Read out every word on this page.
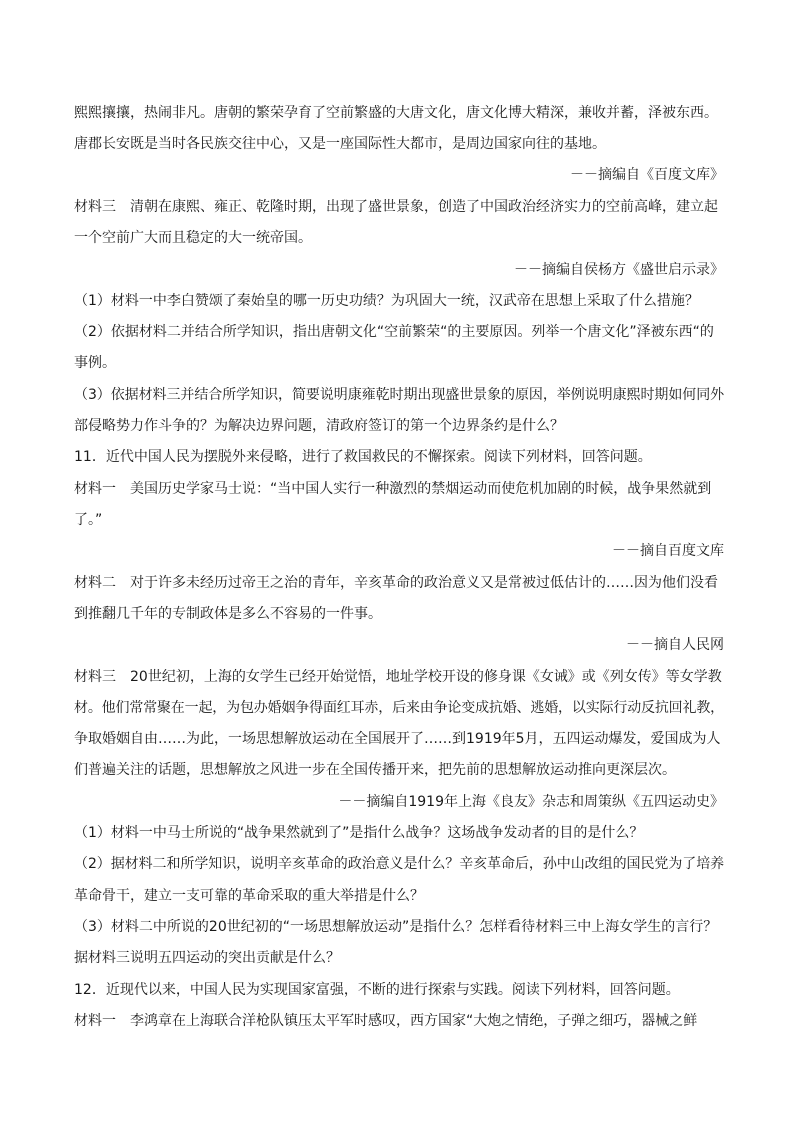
熙熙攘攘，热闹非凡。唐朝的繁荣孕育了空前繁盛的大唐文化，唐文化博大精深，兼收并蓄，泽被东西。
唐郡长安既是当时各民族交往中心，又是一座国际性大都市，是周边国家向往的基地。
－－摘编自《百度文库》
材料三　清朝在康熙、雍正、乾隆时期，出现了盛世景象，创造了中国政治经济实力的空前高峰，建立起
一个空前广大而且稳定的大一统帝国。
－－摘编自侯杨方《盛世启示录》
（1）材料一中李白赞颂了秦始皇的哪一历史功绩？为巩固大一统，汉武帝在思想上采取了什么措施？
（2）依据材料二并结合所学知识，指出唐朝文化“空前繁荣“的主要原因。列举一个唐文化”泽被东西“的
事例。
（3）依据材料三并结合所学知识，简要说明康雍乾时期出现盛世景象的原因，举例说明康熙时期如何同外
部侵略势力作斗争的？为解决边界问题，清政府签订的第一个边界条约是什么？
11．近代中国人民为摆脱外来侵略，进行了救国救民的不懈探索。阅读下列材料，回答问题。
材料一　美国历史学家马士说：“当中国人实行一种激烈的禁烟运动而使危机加剧的时候，战争果然就到
了。”
－－摘自百度文库
材料二　对于许多未经历过帝王之治的青年，辛亥革命的政治意义又是常被过低估计的……因为他们没看
到推翻几千年的专制政体是多么不容易的一件事。
－－摘自人民网
材料三　20世纪初，上海的女学生已经开始觉悟，地址学校开设的修身课《女诫》或《列女传》等女学教
材。他们常常聚在一起，为包办婚姻争得面红耳赤，后来由争论变成抗婚、逃婚，以实际行动反抗回礼教，
争取婚姻自由……为此，一场思想解放运动在全国展开了……到1919年5月，五四运动爆发，爱国成为人
们普遍关注的话题，思想解放之风进一步在全国传播开来，把先前的思想解放运动推向更深层次。
－－摘编自1919年上海《良友》杂志和周策纵《五四运动史》
（1）材料一中马士所说的“战争果然就到了”是指什么战争？这场战争发动者的目的是什么？
（2）据材料二和所学知识，说明辛亥革命的政治意义是什么？辛亥革命后，孙中山改组的国民党为了培养
革命骨干，建立一支可靠的革命采取的重大举措是什么？
（3）材料二中所说的20世纪初的“一场思想解放运动”是指什么？怎样看待材料三中上海女学生的言行？
据材料三说明五四运动的突出贡献是什么？
12．近现代以来，中国人民为实现国家富强，不断的进行探索与实践。阅读下列材料，回答问题。
材料一　李鸿章在上海联合洋枪队镇压太平军时感叹，西方国家“大炮之情绝，子弹之细巧，器械之鲜
